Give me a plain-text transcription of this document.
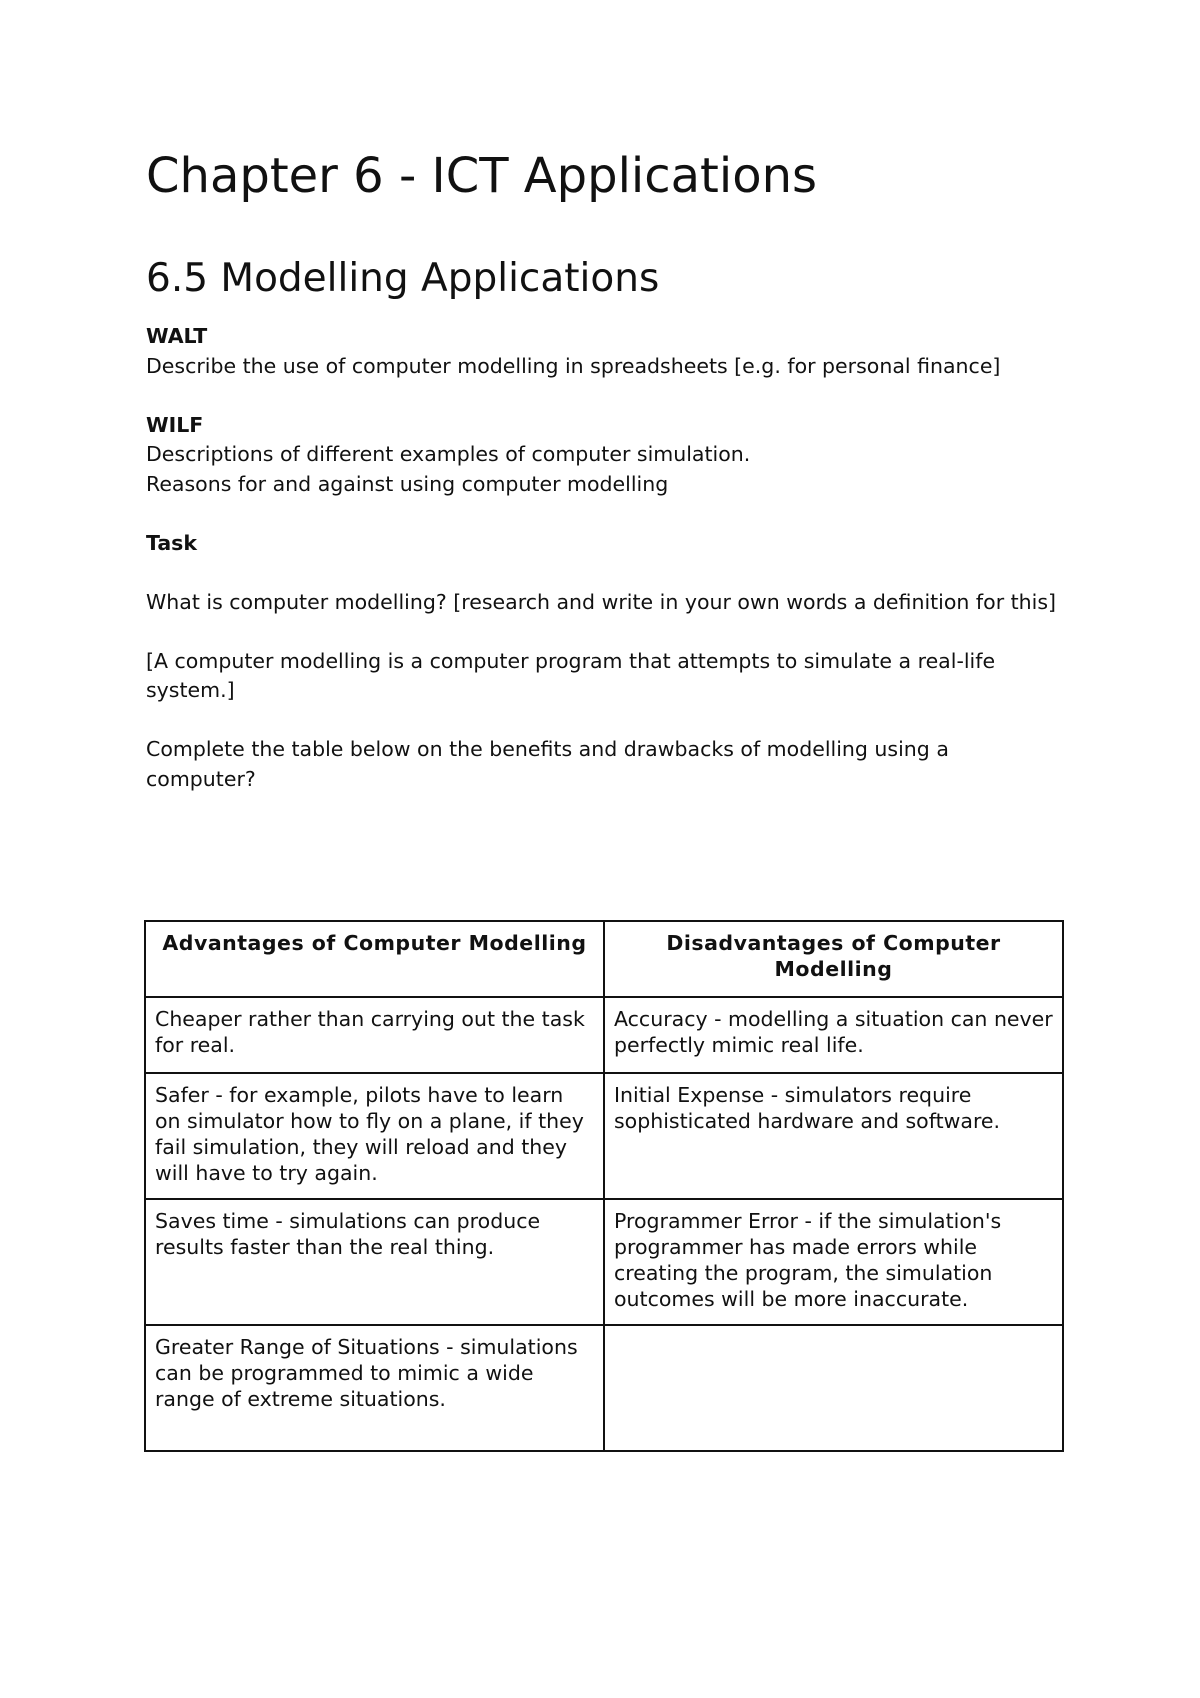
Chapter 6 - ICT Applications
6.5 Modelling Applications

WALT

Describe the use of computer modelling in spreadsheets [e.g. for personal finance]

WILF

Descriptions of different examples of computer simulation.

Reasons for and against using computer modelling

Task

What is computer modelling? [research and write in your own words a definition for this]

[A computer modelling is a computer program that attempts to simulate a real-life system.]

Complete the table below on the benefits and drawbacks of modelling using a computer?

Advantages of Computer Modelling	Disadvantages of Computer Modelling
Cheaper rather than carrying out the task for real.	Accuracy - modelling a situation can never perfectly mimic real life.
Safer - for example, pilots have to learn on simulator how to fly on a plane, if they fail simulation, they will reload and they will have to try again.	Initial Expense - simulators require sophisticated hardware and software.
Saves time - simulations can produce results faster than the real thing.	Programmer Error - if the simulation's programmer has made errors while creating the program, the simulation outcomes will be more inaccurate.
Greater Range of Situations - simulations can be programmed to mimic a wide range of extreme situations.	
